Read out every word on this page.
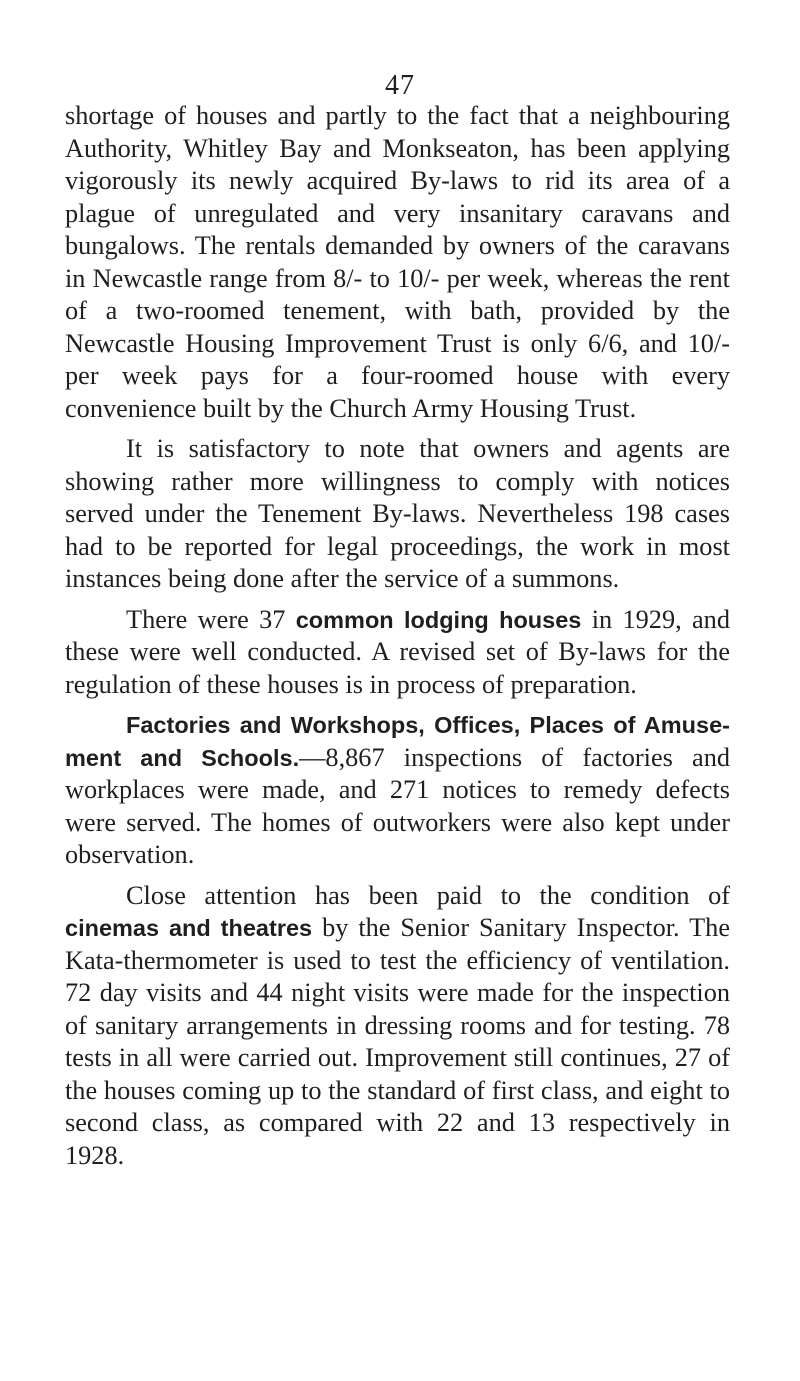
47

shortage of houses and partly to the fact that a neighbouring Authority, Whitley Bay and Monkseaton, has been applying vigorously its newly acquired By-laws to rid its area of a plague of unregulated and very insanitary caravans and bungalows. The rentals demanded by owners of the caravans in Newcastle range from 8/- to 10/- per week, whereas the rent of a two-roomed tenement, with bath, provided by the Newcastle Housing Improvement Trust is only 6/6, and 10/- per week pays for a four-roomed house with every convenience built by the Church Army Housing Trust.

It is satisfactory to note that owners and agents are showing rather more willingness to comply with notices served under the Tenement By-laws. Nevertheless 198 cases had to be reported for legal proceedings, the work in most instances being done after the service of a summons.

There were 37 common lodging houses in 1929, and these were well conducted. A revised set of By-laws for the regulation of these houses is in process of preparation.

Factories and Workshops, Offices, Places of Amusement and Schools.—8,867 inspections of factories and workplaces were made, and 271 notices to remedy defects were served. The homes of outworkers were also kept under observation.

Close attention has been paid to the condition of cinemas and theatres by the Senior Sanitary Inspector. The Kata-thermometer is used to test the efficiency of ventilation. 72 day visits and 44 night visits were made for the inspection of sanitary arrangements in dressing rooms and for testing. 78 tests in all were carried out. Improvement still continues, 27 of the houses coming up to the standard of first class, and eight to second class, as compared with 22 and 13 respectively in 1928.
